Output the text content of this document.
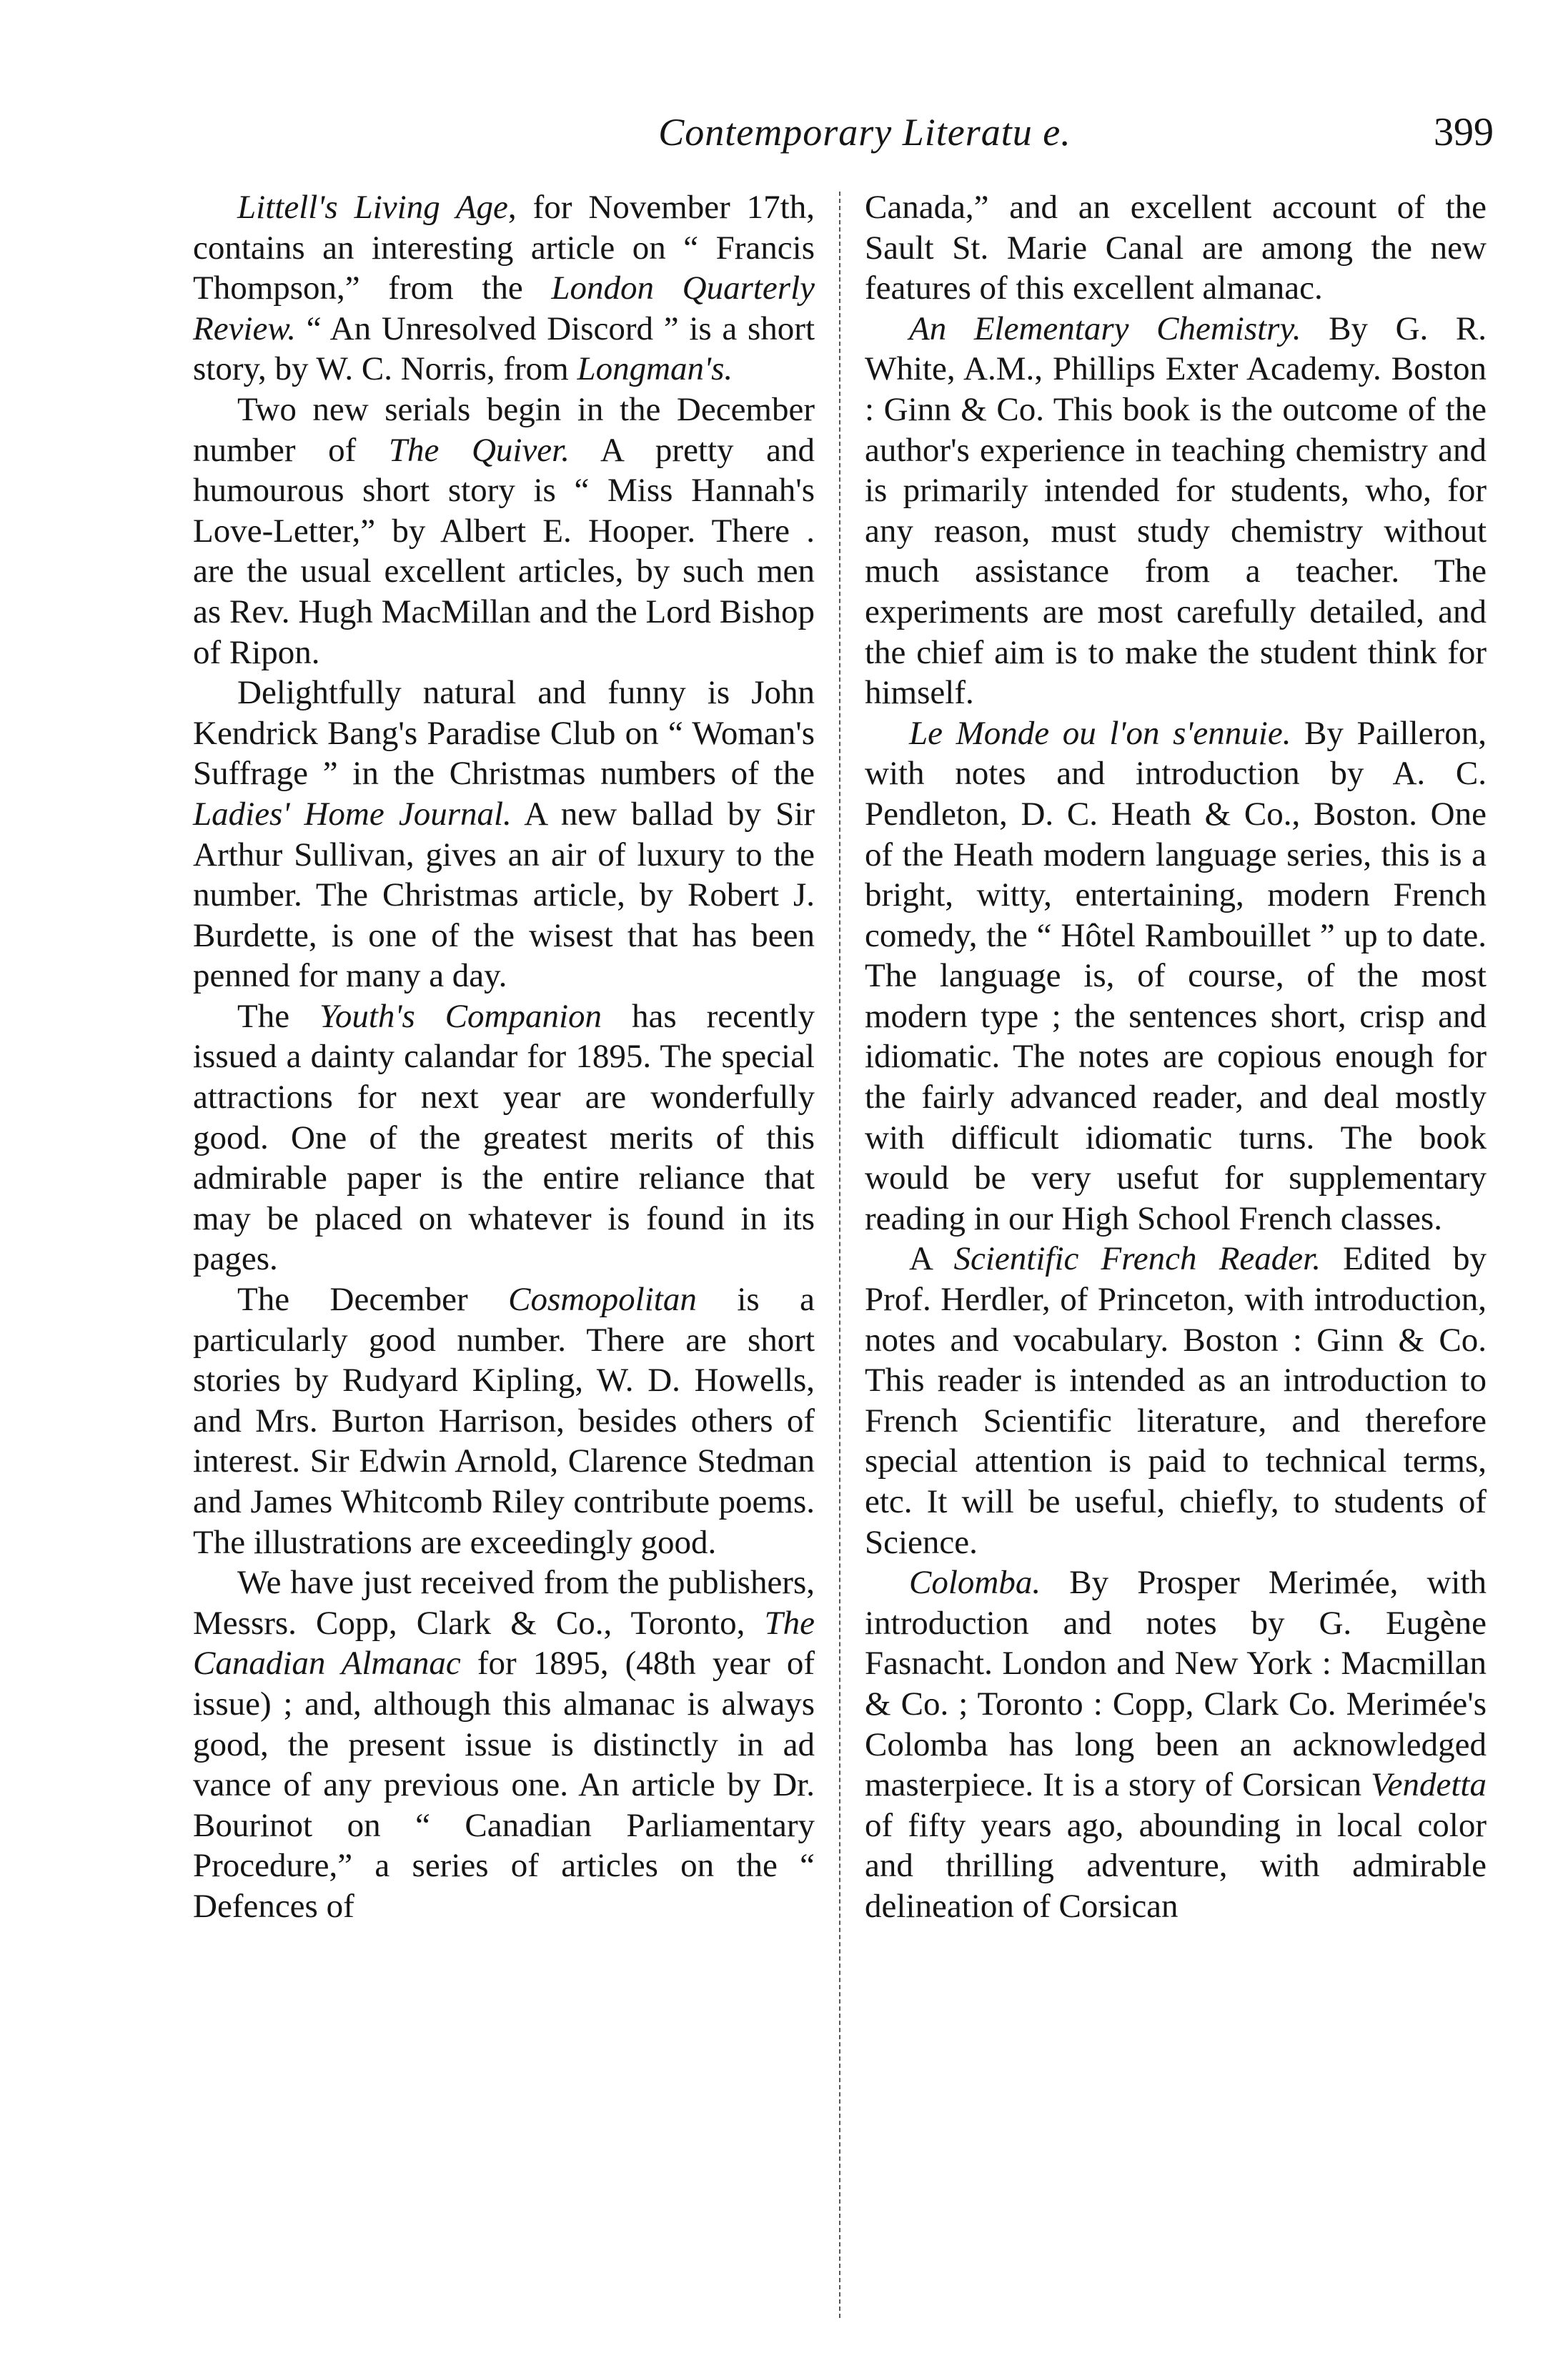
Contemporary Literatu e.	399

Littell's Living Age, for November 17th, contains an interesting article on “ Francis Thompson,” from the London Quarterly Review. “ An Unresolved Discord ” is a short story, by W. C. Norris, from Longman's.

Two new serials begin in the December number of The Quiver. A pretty and humourous short story is “ Miss Hannah's Love-Letter,” by Albert E. Hooper. There . are the usual excellent articles, by such men as Rev. Hugh MacMillan and the Lord Bishop of Ripon.

Delightfully natural and funny is John Kendrick Bang's Paradise Club on “ Woman's Suffrage ” in the Christmas numbers of the Ladies' Home Journal. A new ballad by Sir Arthur Sullivan, gives an air of luxury to the number. The Christmas article, by Robert J. Burdette, is one of the wisest that has been penned for many a day.

The Youth's Companion has recently issued a dainty calandar for 1895. The special attractions for next year are wonderfully good. One of the greatest merits of this admirable paper is the entire reliance that may be placed on whatever is found in its pages.

The December Cosmopolitan is a particularly good number. There are short stories by Rudyard Kipling, W. D. Howells, and Mrs. Burton Harrison, besides others of interest. Sir Edwin Arnold, Clarence Stedman and James Whitcomb Riley contribute poems. The illustrations are exceedingly good.

We have just received from the publishers, Messrs. Copp, Clark & Co., Toronto, The Canadian Almanac for 1895, (48th year of issue) ; and, although this almanac is always good, the present issue is distinctly in ad vance of any previous one. An article by Dr. Bourinot on “ Canadian Parliamentary Procedure,” a series of articles on the “ Defences of

Canada,” and an excellent account of the Sault St. Marie Canal are among the new features of this excellent almanac.

An Elementary Chemistry. By G. R. White, A.M., Phillips Exter Academy. Boston : Ginn & Co. This book is the outcome of the author's experience in teaching chemistry and is primarily intended for students, who, for any reason, must study chemistry without much assistance from a teacher. The experiments are most carefully detailed, and the chief aim is to make the student think for himself.

Le Monde ou l'on s'ennuie. By Pailleron, with notes and introduction by A. C. Pendleton, D. C. Heath & Co., Boston. One of the Heath modern language series, this is a bright, witty, entertaining, modern French comedy, the “ Hôtel Rambouillet ” up to date. The language is, of course, of the most modern type ; the sentences short, crisp and idiomatic. The notes are copious enough for the fairly advanced reader, and deal mostly with difficult idiomatic turns. The book would be very usefut for supplementary reading in our High School French classes.

A Scientific French Reader. Edited by Prof. Herdler, of Princeton, with introduction, notes and vocabulary. Boston : Ginn & Co. This reader is intended as an introduction to French Scientific literature, and therefore special attention is paid to technical terms, etc. It will be useful, chiefly, to students of Science.

Colomba. By Prosper Merimée, with introduction and notes by G. Eugène Fasnacht. London and New York : Macmillan & Co. ; Toronto : Copp, Clark Co. Merimée's Colomba has long been an acknowledged masterpiece. It is a story of Corsican Vendetta of fifty years ago, abounding in local color and thrilling adventure, with admirable delineation of Corsican
